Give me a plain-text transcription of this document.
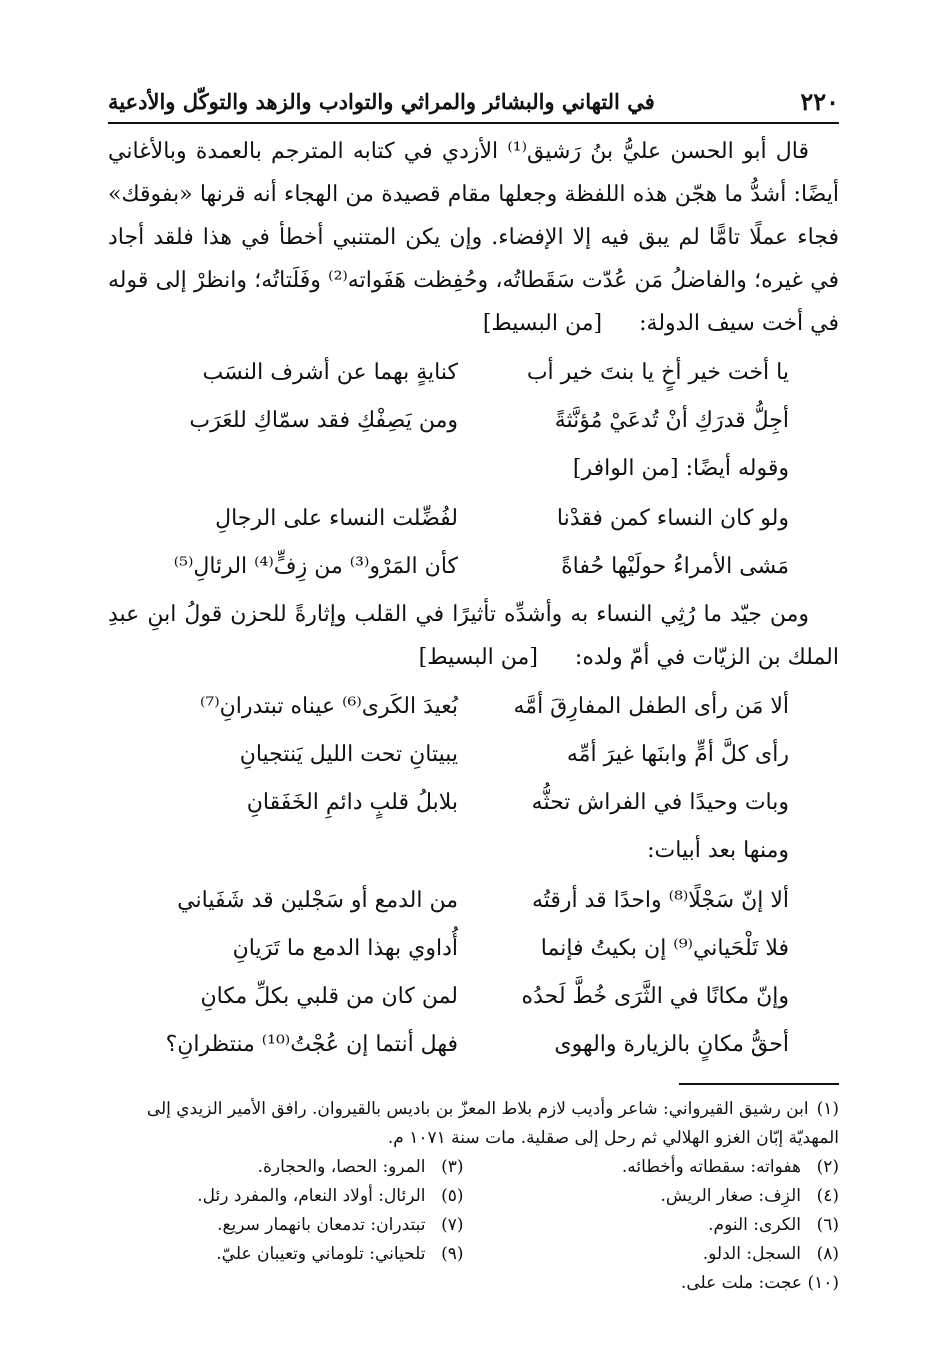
٢٢٠
في التهاني والبشائر والمراثي والتوادب والزهد والتوكّل والأدعية

قال أبو الحسن عليُّ بنُ رَشيق⁽¹⁾ الأزدي في كتابه المترجم بالعمدة وبالأغاني أيضًا: أشدُّ ما هجّن هذه اللفظة وجعلها مقام قصيدة من الهجاء أنه قرنها «بفوقك» فجاء عملًا تامًّا لم يبق فيه إلا الإفضاء. وإن يكن المتنبي أخطأ في هذا فلقد أجاد في غيره؛ والفاضلُ مَن عُدّت سَقَطاتُه، وحُفِظت هَفَواته⁽²⁾ وفَلَتاتُه؛ وانظرْ إلى قوله في أخت سيف الدولة: [من البسيط]

يا أخت خير أخٍ يا بنتَ خير أب
كنايةٍ بهما عن أشرف النسَب
أجِلُّ قدرَكِ أنْ تُدعَيْ مُؤنَّثةً
ومن يَصِفْكِ فقد سمّاكِ للعَرَب
وقوله أيضًا: [من الوافر]
ولو كان النساء كمن فقدْنا
لفُضِّلت النساء على الرجالِ
مَشى الأمراءُ حولَيْها حُفاةً
كأن المَرْو⁽³⁾ من زِفٍّ⁽⁴⁾ الرئالِ⁽⁵⁾

ومن جيّد ما رُثِي النساء به وأشدِّه تأثيرًا في القلب وإثارةً للحزن قولُ ابنِ عبدِ الملك بن الزيّات في أمّ ولده: [من البسيط]

ألا مَن رأى الطفل المفارِقَ أمَّه
بُعيدَ الكَرى⁽⁶⁾ عيناه تبتدرانِ⁽⁷⁾
رأى كلَّ أمٍّ وابنَها غيرَ أمِّه
يبيتانِ تحت الليل يَنتجيانِ
وبات وحيدًا في الفراش تحثُّه
بلابلُ قلبٍ دائمِ الخَفَقانِ
ومنها بعد أبيات:
ألا إنّ سَجْلًا⁽⁸⁾ واحدًا قد أرقتُه
من الدمع أو سَجْلين قد شَفَياني
فلا تَلْحَياني⁽⁹⁾ إن بكيتُ فإنما
أُداوي بهذا الدمع ما تَرَيانِ
وإنّ مكانًا في الثَّرَى خُطَّ لَحدُه
لمن كان من قلبي بكلِّ مكانِ
أحقُّ مكانٍ بالزيارة والهوى
فهل أنتما إن عُجْتُ⁽¹⁰⁾ منتظرانِ؟
(١)ابن رشيق القيرواني: شاعر وأديب لازم بلاط المعزّ بن باديس بالقيروان. رافق الأمير الزيدي إلى المهديّة إبّان الغزو الهلالي ثم رحل إلى صقلية. مات سنة ١٠٧١ م.
(٢)هفواته: سقطاته وأخطائه.
(٣)المرو: الحصا، والحجارة.
(٤)الزِف: صغار الريش.
(٥)الرئال: أولاد النعام، والمفرد رئل.
(٦)الكرى: النوم.
(٧)تبتدران: تدمعان بانهمار سريع.
(٨)السجل: الدلو.
(٩)تلحياني: تلوماني وتعيبان عليّ.
(١٠) عجت: ملت على.
